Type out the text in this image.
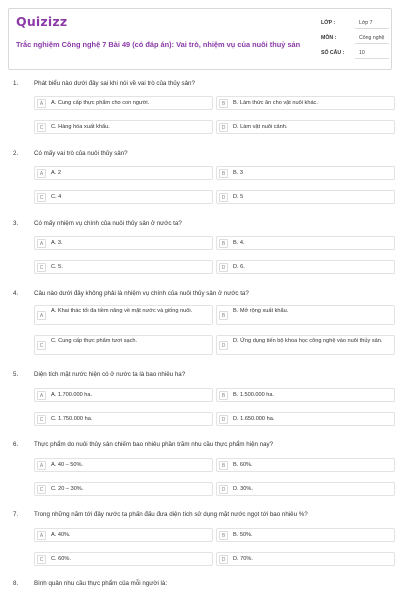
Quizizz
Trắc nghiệm Công nghệ 7 Bài 49 (có đáp án): Vai trò, nhiệm vụ của nuôi thuỷ sản
LỚP :	Lớp 7
MÔN :	Công nghệ
SỐ CÂU :	10
1.	Phát biểu nào dưới đây sai khi nói về vai trò của thủy sản?
A	A. Cung cấp thực phẩm cho con người.	B	B. Làm thức ăn cho vật nuôi khác.
C	C. Hàng hóa xuất khẩu.	D	D. Làm vật nuôi cảnh.
2.	Có mấy vai trò của nuôi thủy sản?
A	A. 2	B	B. 3
C	C. 4	D	D. 5
3.	Có mấy nhiệm vụ chính của nuôi thủy sản ở nước ta?
A	A. 3.	B	B. 4.
C	C. 5.	D	D. 6.
4.	Câu nào dưới đây không phải là nhiệm vụ chính của nuôi thủy sản ở nước ta?
A
A. Khai thác tối đa tiềm năng về mặt nước và giống nuôi.
B
B. Mở rộng xuất khẩu.
C
C. Cung cấp thực phẩm tươi sạch.
D
D. Ứng dụng tiến bộ khoa học công nghệ vào nuôi thủy sản.
5.	Diện tích mặt nước hiện có ở nước ta là bao nhiêu ha?
A	A. 1.700.000 ha.	B	B. 1.500.000 ha.
C	C. 1.750.000 ha.	D	D. 1.650.000 ha.
6.	Thực phẩm do nuôi thủy sản chiếm bao nhiêu phần trăm nhu cầu thực phẩm hiện nay?
A	A. 40 – 50%.	B	B. 60%.
C	C. 20 – 30%.	D	D. 30%.
7.	Trong những năm tới đây nước ta phấn đấu đưa diện tích sử dụng mặt nước ngọt tới bao nhiêu %?
A	A. 40%.	B	B. 50%.
C	C. 60%.	D	D. 70%.
8.	Bình quân nhu cầu thực phẩm của mỗi người là:
